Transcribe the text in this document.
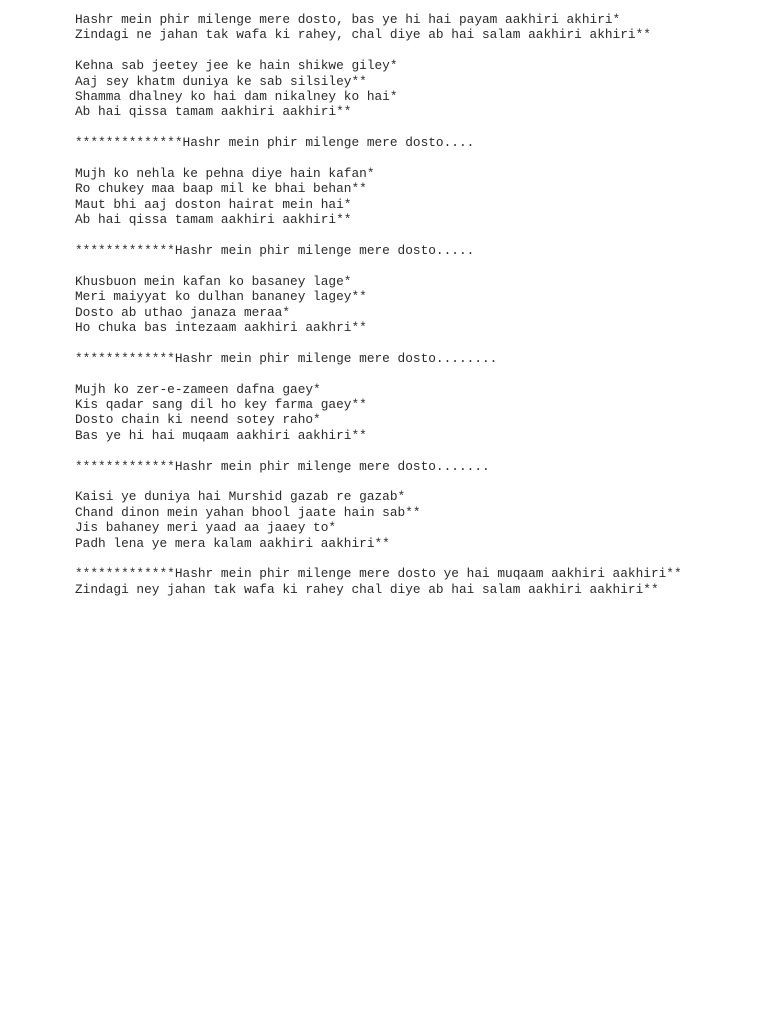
Hashr mein phir milenge mere dosto, bas ye hi hai payam aakhiri akhiri*
Zindagi ne jahan tak wafa ki rahey, chal diye ab hai salam aakhiri akhiri**
Kehna sab jeetey jee ke hain shikwe giley*
Aaj sey khatm duniya ke sab silsiley**
Shamma dhalney ko hai dam nikalney ko hai*
Ab hai qissa tamam aakhiri aakhiri**
**************Hashr mein phir milenge mere dosto....
Mujh ko nehla ke pehna diye hain kafan*
Ro chukey maa baap mil ke bhai behan**
Maut bhi aaj doston hairat mein hai*
Ab hai qissa tamam aakhiri aakhiri**
*************Hashr mein phir milenge mere dosto.....
Khusbuon mein kafan ko basaney lage*
Meri maiyyat ko dulhan bananey lagey**
Dosto ab uthao janaza meraa*
Ho chuka bas intezaam aakhiri aakhri**
*************Hashr mein phir milenge mere dosto........
Mujh ko zer-e-zameen dafna gaey*
Kis qadar sang dil ho key farma gaey**
Dosto chain ki neend sotey raho*
Bas ye hi hai muqaam aakhiri aakhiri**
*************Hashr mein phir milenge mere dosto.......
Kaisi ye duniya hai Murshid gazab re gazab*
Chand dinon mein yahan bhool jaate hain sab**
Jis bahaney meri yaad aa jaaey to*
Padh lena ye mera kalam aakhiri aakhiri**
*************Hashr mein phir milenge mere dosto ye hai muqaam aakhiri aakhiri**
Zindagi ney jahan tak wafa ki rahey chal diye ab hai salam aakhiri aakhiri**
